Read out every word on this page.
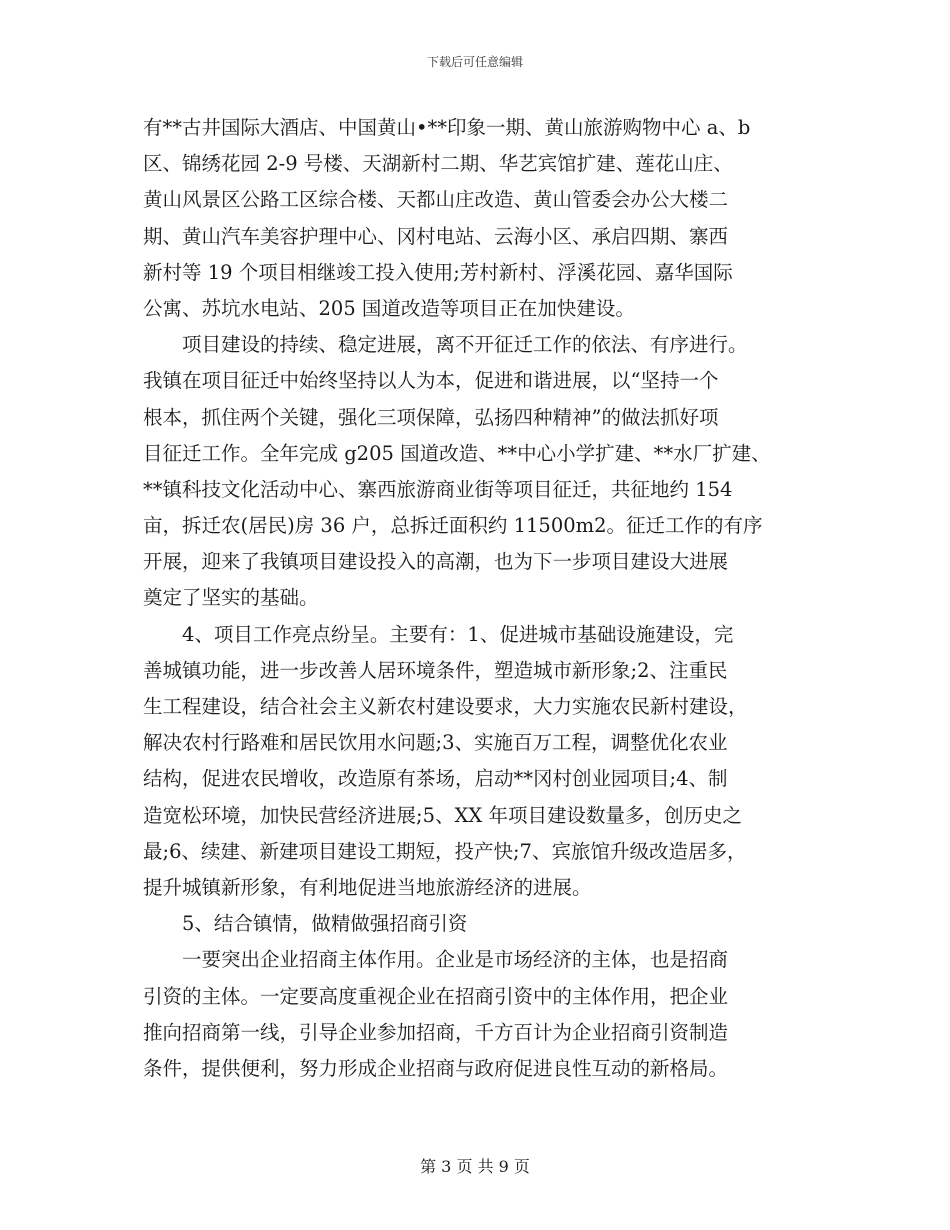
下载后可任意编辑
有**古井国际大酒店、中国黄山•**印象一期、黄山旅游购物中心 a、b
区、锦绣花园 2-9 号楼、天湖新村二期、华艺宾馆扩建、莲花山庄、
黄山风景区公路工区综合楼、天都山庄改造、黄山管委会办公大楼二
期、黄山汽车美容护理中心、冈村电站、云海小区、承启四期、寨西
新村等 19 个项目相继竣工投入使用;芳村新村、浮溪花园、嘉华国际
公寓、苏坑水电站、205 国道改造等项目正在加快建设。
　　项目建设的持续、稳定进展，离不开征迁工作的依法、有序进行。
我镇在项目征迁中始终坚持以人为本，促进和谐进展，以“坚持一个
根本，抓住两个关键，强化三项保障，弘扬四种精神”的做法抓好项
目征迁工作。全年完成 g205 国道改造、**中心小学扩建、**水厂扩建、
**镇科技文化活动中心、寨西旅游商业街等项目征迁，共征地约 154
亩，拆迁农(居民)房 36 户，总拆迁面积约 11500m2。征迁工作的有序
开展，迎来了我镇项目建设投入的高潮，也为下一步项目建设大进展
奠定了坚实的基础。
　　4、项目工作亮点纷呈。主要有：1、促进城市基础设施建设，完
善城镇功能，进一步改善人居环境条件，塑造城市新形象;2、注重民
生工程建设，结合社会主义新农村建设要求，大力实施农民新村建设，
解决农村行路难和居民饮用水问题;3、实施百万工程，调整优化农业
结构，促进农民增收，改造原有茶场，启动**冈村创业园项目;4、制
造宽松环境，加快民营经济进展;5、XX 年项目建设数量多，创历史之
最;6、续建、新建项目建设工期短，投产快;7、宾旅馆升级改造居多，
提升城镇新形象，有利地促进当地旅游经济的进展。
　　5、结合镇情，做精做强招商引资
　　一要突出企业招商主体作用。企业是市场经济的主体，也是招商
引资的主体。一定要高度重视企业在招商引资中的主体作用，把企业
推向招商第一线，引导企业参加招商，千方百计为企业招商引资制造
条件，提供便利，努力形成企业招商与政府促进良性互动的新格局。
第 3 页 共 9 页
